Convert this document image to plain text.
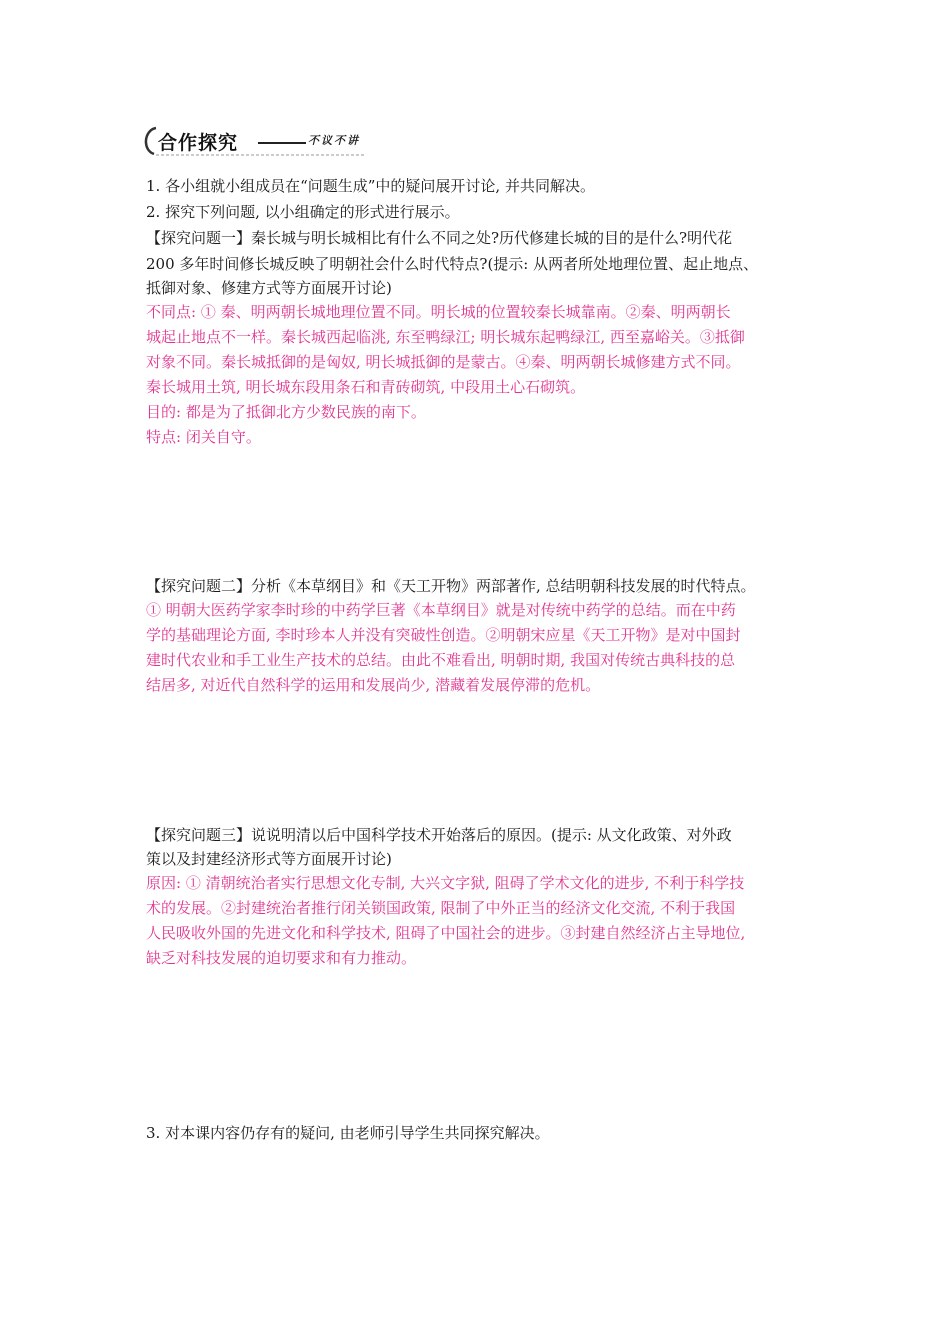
合作探究	不议不讲
1. 各小组就小组成员在“问题生成”中的疑问展开讨论, 并共同解决。
2. 探究下列问题, 以小组确定的形式进行展示。
【探究问题一】秦长城与明长城相比有什么不同之处?历代修建长城的目的是什么?明代花
200 多年时间修长城反映了明朝社会什么时代特点?(提示: 从两者所处地理位置、起止地点、
抵御对象、修建方式等方面展开讨论)
不同点: ① 秦、明两朝长城地理位置不同。明长城的位置较秦长城靠南。②秦、明两朝长
城起止地点不一样。秦长城西起临洮, 东至鸭绿江; 明长城东起鸭绿江, 西至嘉峪关。③抵御
对象不同。秦长城抵御的是匈奴, 明长城抵御的是蒙古。④秦、明两朝长城修建方式不同。
秦长城用土筑, 明长城东段用条石和青砖砌筑, 中段用土心石砌筑。
目的: 都是为了抵御北方少数民族的南下。
特点: 闭关自守。
【探究问题二】分析《本草纲目》和《天工开物》两部著作, 总结明朝科技发展的时代特点。
① 明朝大医药学家李时珍的中药学巨著《本草纲目》就是对传统中药学的总结。而在中药
学的基础理论方面, 李时珍本人并没有突破性创造。②明朝宋应星《天工开物》是对中国封
建时代农业和手工业生产技术的总结。由此不难看出, 明朝时期, 我国对传统古典科技的总
结居多, 对近代自然科学的运用和发展尚少, 潜藏着发展停滞的危机。
【探究问题三】说说明清以后中国科学技术开始落后的原因。(提示: 从文化政策、对外政
策以及封建经济形式等方面展开讨论)
原因: ① 清朝统治者实行思想文化专制, 大兴文字狱, 阻碍了学术文化的进步, 不利于科学技
术的发展。②封建统治者推行闭关锁国政策, 限制了中外正当的经济文化交流, 不利于我国
人民吸收外国的先进文化和科学技术, 阻碍了中国社会的进步。③封建自然经济占主导地位,
缺乏对科技发展的迫切要求和有力推动。
3. 对本课内容仍存有的疑问, 由老师引导学生共同探究解决。
